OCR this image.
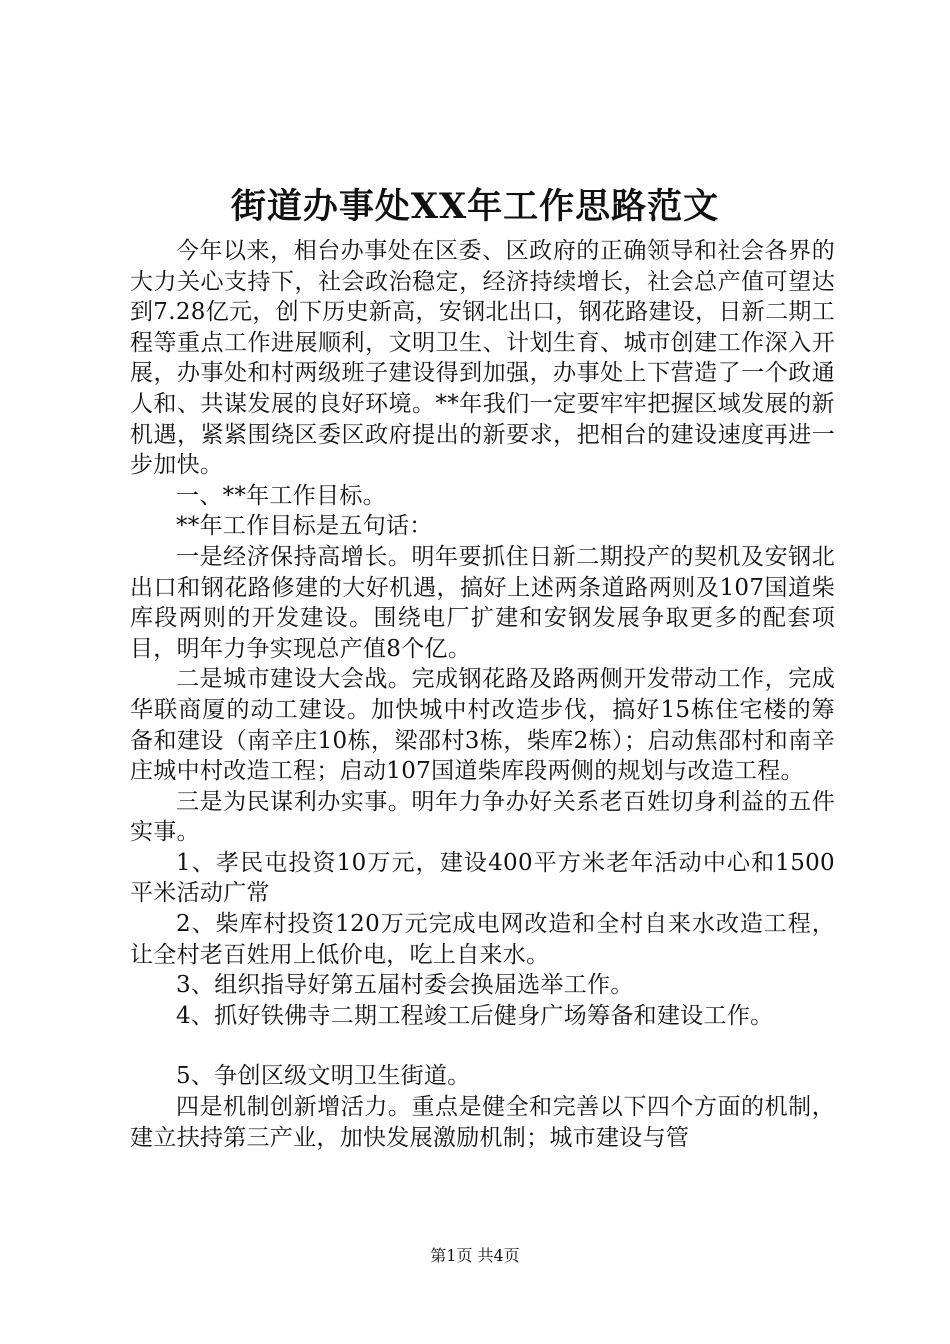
街道办事处XX年工作思路范文

今年以来，相台办事处在区委、区政府的正确领导和社会各界的大力关心支持下，社会政治稳定，经济持续增长，社会总产值可望达到7.28亿元，创下历史新高，安钢北出口，钢花路建设，日新二期工程等重点工作进展顺利，文明卫生、计划生育、城市创建工作深入开展，办事处和村两级班子建设得到加强，办事处上下营造了一个政通人和、共谋发展的良好环境。**年我们一定要牢牢把握区域发展的新机遇，紧紧围绕区委区政府提出的新要求，把相台的建设速度再进一步加快。

一、**年工作目标。

**年工作目标是五句话：

一是经济保持高增长。明年要抓住日新二期投产的契机及安钢北出口和钢花路修建的大好机遇，搞好上述两条道路两则及107国道柴库段两则的开发建设。围绕电厂扩建和安钢发展争取更多的配套项目，明年力争实现总产值8个亿。

二是城市建设大会战。完成钢花路及路两侧开发带动工作，完成华联商厦的动工建设。加快城中村改造步伐，搞好15栋住宅楼的筹备和建设（南辛庄10栋，梁邵村3栋，柴库2栋）；启动焦邵村和南辛庄城中村改造工程；启动107国道柴库段两侧的规划与改造工程。

三是为民谋利办实事。明年力争办好关系老百姓切身利益的五件实事。

1、孝民屯投资10万元，建设400平方米老年活动中心和1500平米活动广常

2、柴库村投资120万元完成电网改造和全村自来水改造工程，让全村老百姓用上低价电，吃上自来水。

3、组织指导好第五届村委会换届选举工作。

4、抓好铁佛寺二期工程竣工后健身广场筹备和建设工作。

5、争创区级文明卫生街道。

四是机制创新增活力。重点是健全和完善以下四个方面的机制，建立扶持第三产业，加快发展激励机制；城市建设与管

第1页 共4页
